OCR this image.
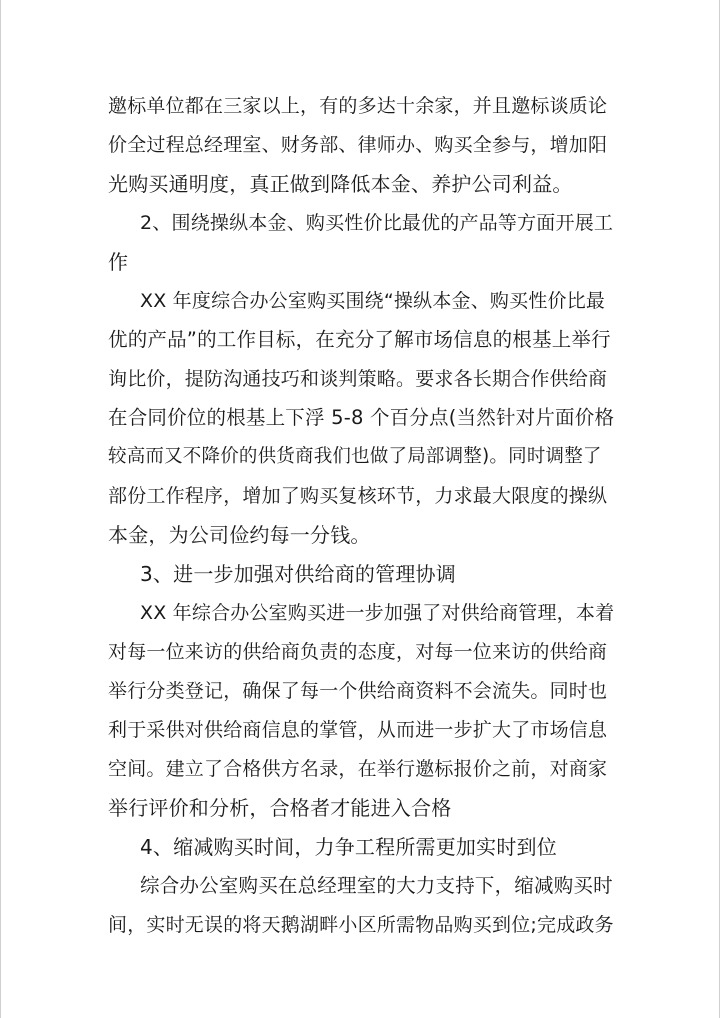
邀标单位都在三家以上，有的多达十余家，并且邀标谈质论
价全过程总经理室、财务部、律师办、购买全参与，增加阳
光购买通明度，真正做到降低本金、养护公司利益。
2、围绕操纵本金、购买性价比最优的产品等方面开展工
作
XX 年度综合办公室购买围绕“操纵本金、购买性价比最
优的产品”的工作目标，在充分了解市场信息的根基上举行
询比价，提防沟通技巧和谈判策略。要求各长期合作供给商
在合同价位的根基上下浮 5-8 个百分点(当然针对片面价格
较高而又不降价的供货商我们也做了局部调整)。同时调整了
部份工作程序，增加了购买复核环节，力求最大限度的操纵
本金，为公司俭约每一分钱。
3、进一步加强对供给商的管理协调
XX 年综合办公室购买进一步加强了对供给商管理，本着
对每一位来访的供给商负责的态度，对每一位来访的供给商
举行分类登记，确保了每一个供给商资料不会流失。同时也
利于采供对供给商信息的掌管，从而进一步扩大了市场信息
空间。建立了合格供方名录，在举行邀标报价之前，对商家
举行评价和分析，合格者才能进入合格
4、缩减购买时间，力争工程所需更加实时到位
综合办公室购买在总经理室的大力支持下，缩减购买时
间，实时无误的将天鹅湖畔小区所需物品购买到位;完成政务
